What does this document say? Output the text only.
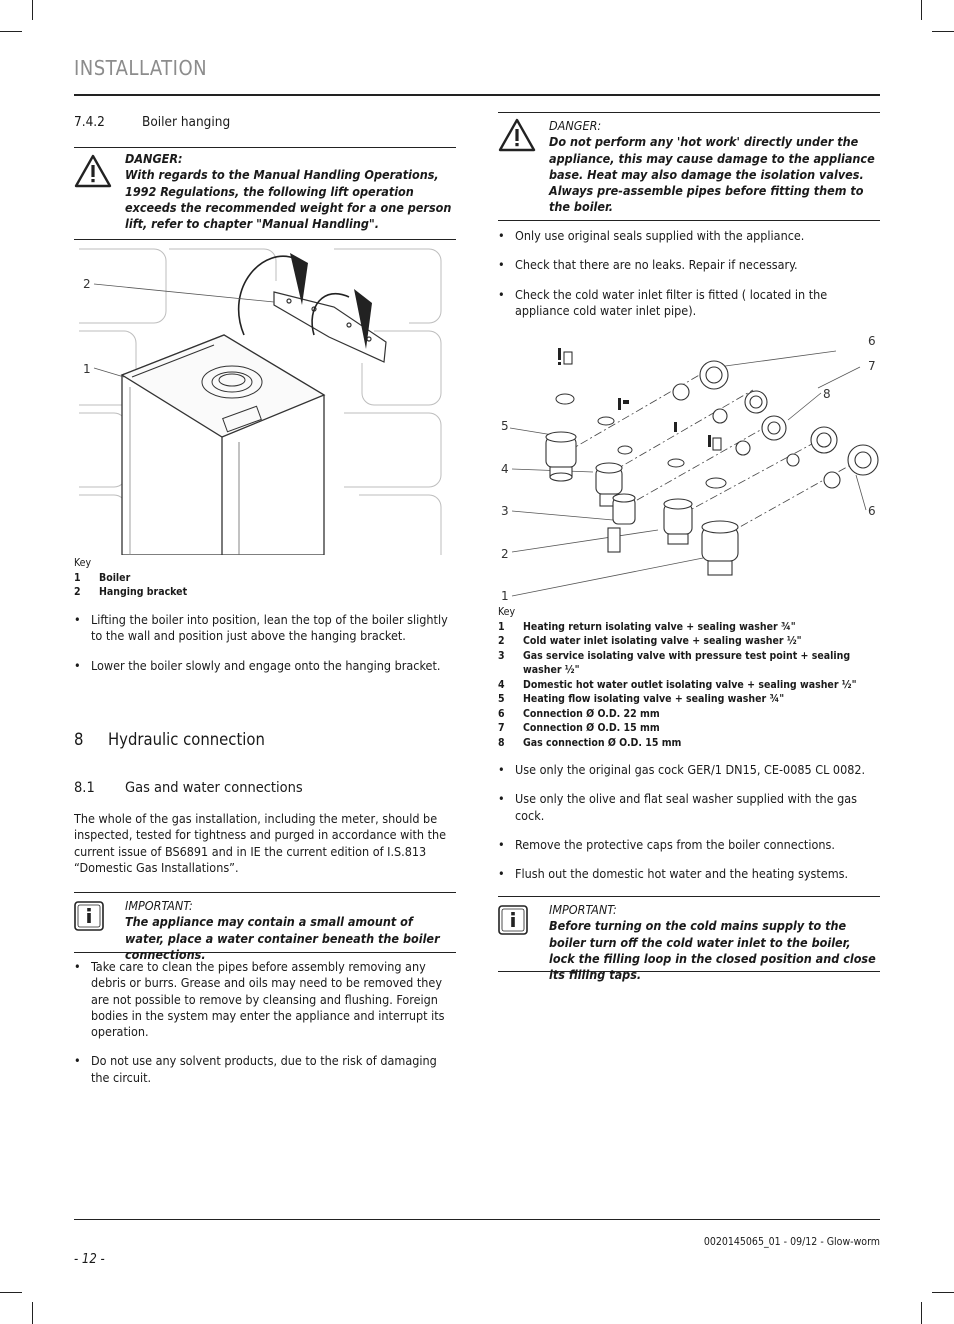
INSTALLATION
7.4.2	Boiler hanging
DANGER:
With regards to the Manual Handling Operations, 1992 Regulations, the following lift operation exceeds the recommended weight for a one person lift, refer to chapter "Manual Handling".
2
1
Key
1 Boiler
2 Hanging bracket
• Lifting the boiler into position, lean the top of the boiler slightly to the wall and position just above the hanging bracket.
• Lower the boiler slowly and engage onto the hanging bracket.
8 Hydraulic connection
8.1 Gas and water connections
The whole of the gas installation, including the meter, should be inspected, tested for tightness and purged in accordance with the current issue of BS6891 and in IE the current edition of I.S.813 “Domestic Gas Installations”.
IMPORTANT:
The appliance may contain a small amount of water, place a water container beneath the boiler connections.
• Take care to clean the pipes before assembly removing any debris or burrs. Grease and oils may need to be removed they are not possible to remove by cleansing and flushing. Foreign bodies in the system may enter the appliance and interrupt its operation.
• Do not use any solvent products, due to the risk of damaging the circuit.
DANGER:
Do not perform any 'hot work' directly under the appliance, this may cause damage to the appliance base. Heat may also damage the isolation valves. Always pre-assemble pipes before fitting them to the boiler.
• Only use original seals supplied with the appliance.
• Check that there are no leaks. Repair if necessary.
• Check the cold water inlet filter is fitted ( located in the appliance cold water inlet pipe).
6
7
8
5
4
3	6
2
1
Key
1 Heating return isolating valve + sealing washer ¾"
2 Cold water inlet isolating valve + sealing washer ½"
3 Gas service isolating valve with pressure test point + sealing washer ½"
4 Domestic hot water outlet isolating valve + sealing washer ½"
5 Heating flow isolating valve + sealing washer ¾"
6 Connection Ø O.D. 22 mm
7 Connection Ø O.D. 15 mm
8 Gas connection Ø O.D. 15 mm
• Use only the original gas cock GER/1 DN15, CE-0085 CL 0082.
• Use only the olive and flat seal washer supplied with the gas cock.
• Remove the protective caps from the boiler connections.
• Flush out the domestic hot water and the heating systems.
IMPORTANT:
Before turning on the cold mains supply to the boiler turn off the cold water inlet to the boiler, lock the filling loop in the closed position and close its filling taps.
0020145065_01 - 09/12 - Glow-worm
- 12 -
